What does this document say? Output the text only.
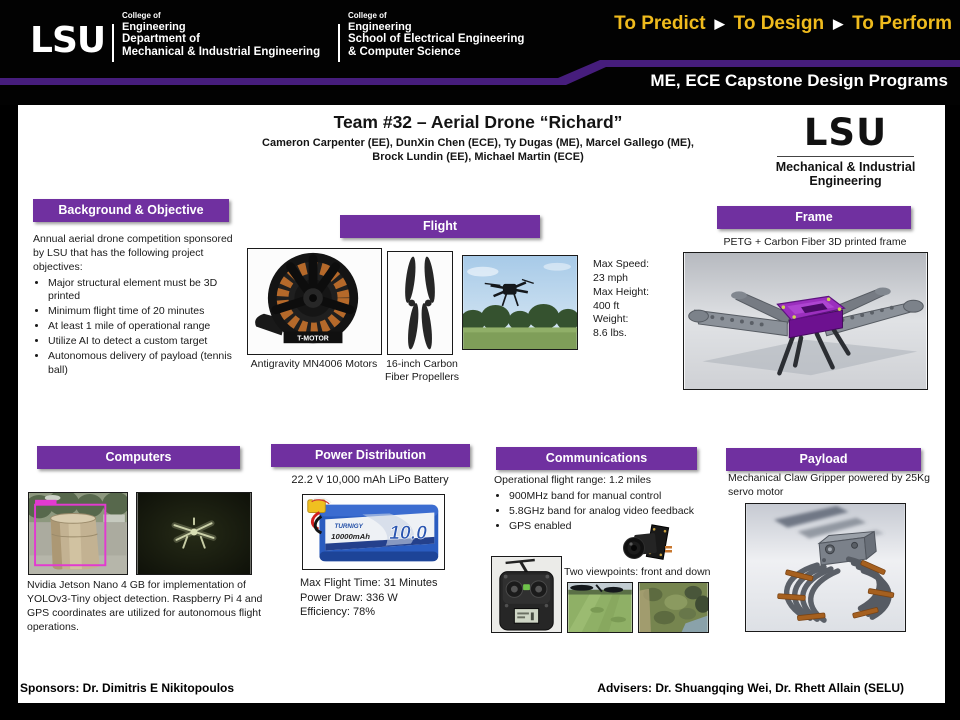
LSU
College of
Engineering
Department of
Mechanical & Industrial Engineering
College of
Engineering
School of Electrical Engineering
& Computer Science
To Predict ▶ To Design ▶ To Perform
ME, ECE Capstone Design Programs
Team #32 – Aerial Drone “Richard”
Cameron Carpenter (EE), DunXin Chen (ECE), Ty Dugas (ME), Marcel Gallego (ME),
Brock Lundin (EE), Michael Martin (ECE)
LSU
Mechanical & Industrial
Engineering
Background & Objective
Annual aerial drone competition sponsored by LSU that has the following project objectives:
• Major structural element must be 3D printed
• Minimum flight time of 20 minutes
• At least 1 mile of operational range
• Utilize AI to detect a custom target
• Autonomous delivery of payload (tennis ball)
Flight
T-MOTOR
Max Speed:
23 mph
Max Height:
400 ft
Weight:
8.6 lbs.
Antigravity MN4006 Motors 16-inch Carbon Fiber Propellers
Frame
PETG + Carbon Fiber 3D printed frame
Computers
Nvidia Jetson Nano 4 GB for implementation of YOLOv3-Tiny object detection. Raspberry Pi 4 and GPS coordinates are utilized for autonomous flight operations.
Power Distribution
22.2 V 10,000 mAh LiPo Battery
TURNIGY
10000mAh 10.0
Max Flight Time: 31 Minutes
Power Draw: 336 W
Efficiency: 78%
Communications
Operational flight range: 1.2 miles
• 900MHz band for manual control
• 5.8GHz band for analog video feedback
• GPS enabled
Two viewpoints: front and down
Payload
Mechanical Claw Gripper powered by 25Kg servo motor
Sponsors: Dr. Dimitris E Nikitopoulos	Advisers: Dr. Shuangqing Wei, Dr. Rhett Allain (SELU)
